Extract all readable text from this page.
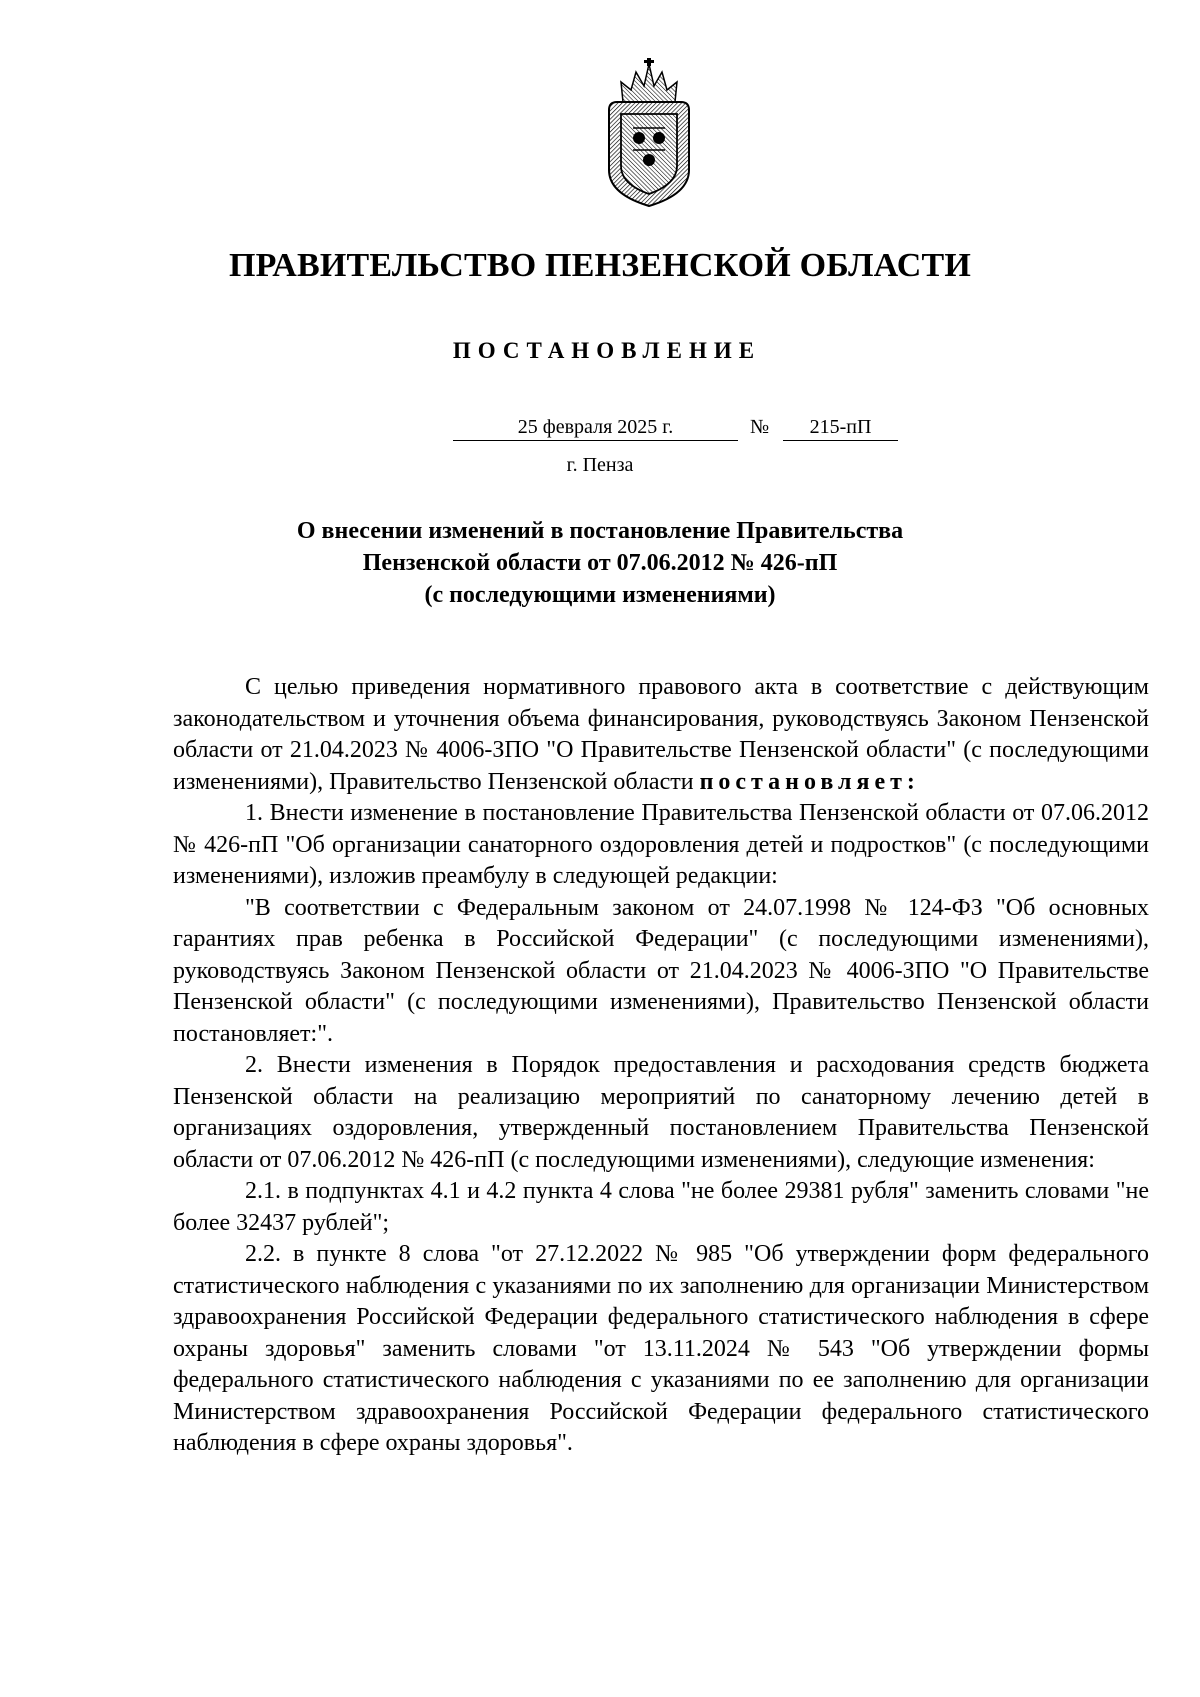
ПРАВИТЕЛЬСТВО ПЕНЗЕНСКОЙ ОБЛАСТИ
ПОСТАНОВЛЕНИЕ
25 февраля 2025 г.	№	215-пП
г. Пенза
О внесении изменений в постановление Правительства
Пензенской области от 07.06.2012 № 426-пП
(с последующими изменениями)

С целью приведения нормативного правового акта в соответствие с действующим законодательством и уточнения объема финансирования, руководствуясь Законом Пензенской области от 21.04.2023 № 4006-ЗПО "О Правительстве Пензенской области" (с последующими изменениями), Правительство Пензенской области постановляет:

1. Внести изменение в постановление Правительства Пензенской области от 07.06.2012 № 426-пП "Об организации санаторного оздоровления детей и подростков" (с последующими изменениями), изложив преамбулу в следующей редакции:

"В соответствии с Федеральным законом от 24.07.1998 № 124-ФЗ "Об основных гарантиях прав ребенка в Российской Федерации" (с последующими изменениями), руководствуясь Законом Пензенской области от 21.04.2023 № 4006-ЗПО "О Правительстве Пензенской области" (с последующими изменениями), Правительство Пензенской области постановляет:".

2. Внести изменения в Порядок предоставления и расходования средств бюджета Пензенской области на реализацию мероприятий по санаторному лечению детей в организациях оздоровления, утвержденный постановлением Правительства Пензенской области от 07.06.2012 № 426-пП (с последующими изменениями), следующие изменения:

2.1. в подпунктах 4.1 и 4.2 пункта 4 слова "не более 29381 рубля" заменить словами "не более 32437 рублей";

2.2. в пункте 8 слова "от 27.12.2022 № 985 "Об утверждении форм федерального статистического наблюдения с указаниями по их заполнению для организации Министерством здравоохранения Российской Федерации федерального статистического наблюдения в сфере охраны здоровья" заменить словами "от 13.11.2024 № 543 "Об утверждении формы федерального статистического наблюдения с указаниями по ее заполнению для организации Министерством здравоохранения Российской Федерации федерального статистического наблюдения в сфере охраны здоровья".
